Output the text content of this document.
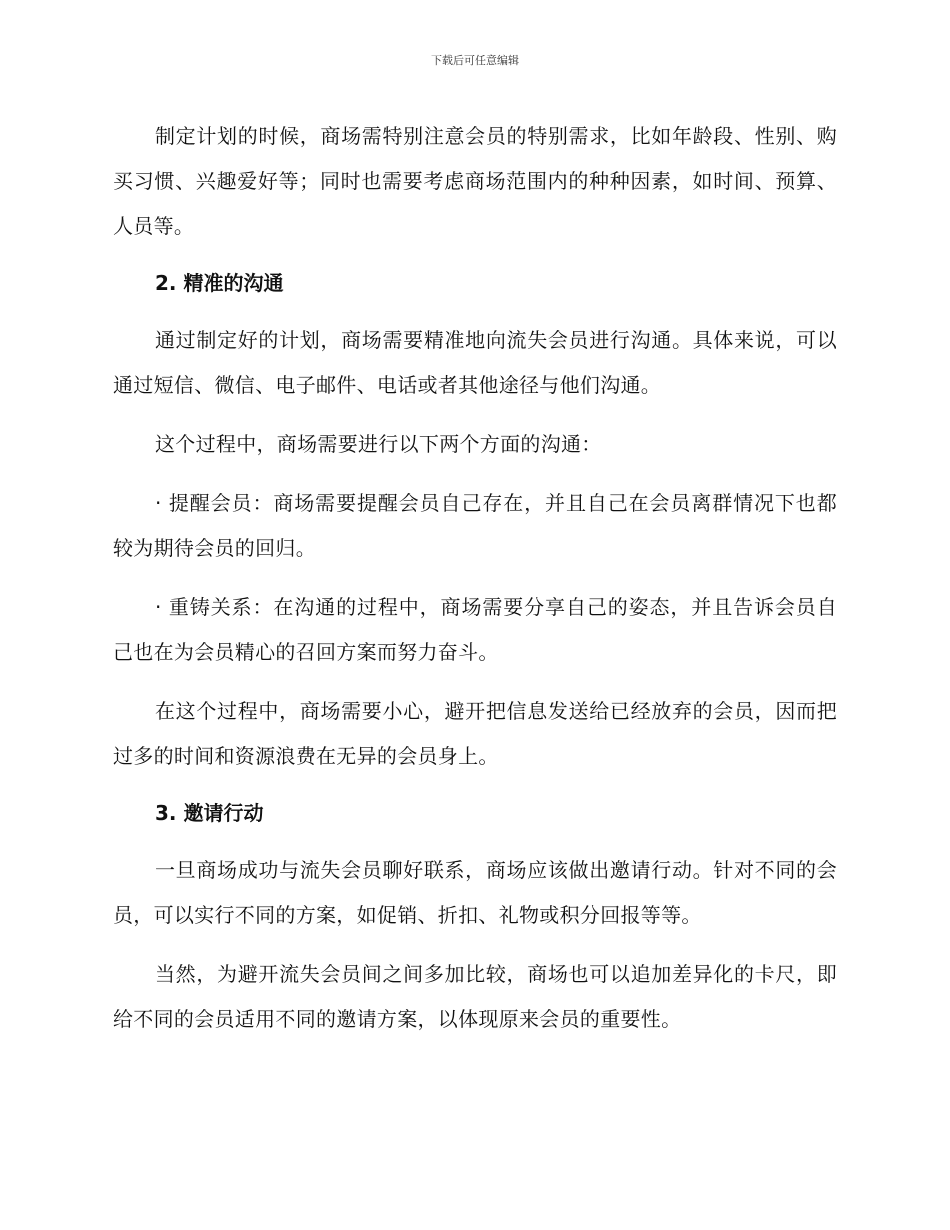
下载后可任意编辑

制定计划的时候，商场需特别注意会员的特别需求，比如年龄段、性别、购买习惯、兴趣爱好等；同时也需要考虑商场范围内的种种因素，如时间、预算、人员等。

2. 精准的沟通

通过制定好的计划，商场需要精准地向流失会员进行沟通。具体来说，可以通过短信、微信、电子邮件、电话或者其他途径与他们沟通。

这个过程中，商场需要进行以下两个方面的沟通：

· 提醒会员：商场需要提醒会员自己存在，并且自己在会员离群情况下也都较为期待会员的回归。

· 重铸关系：在沟通的过程中，商场需要分享自己的姿态，并且告诉会员自己也在为会员精心的召回方案而努力奋斗。

在这个过程中，商场需要小心，避开把信息发送给已经放弃的会员，因而把过多的时间和资源浪费在无异的会员身上。

3. 邀请行动

一旦商场成功与流失会员聊好联系，商场应该做出邀请行动。针对不同的会员，可以实行不同的方案，如促销、折扣、礼物或积分回报等等。

当然，为避开流失会员间之间多加比较，商场也可以追加差异化的卡尺，即给不同的会员适用不同的邀请方案，以体现原来会员的重要性。
